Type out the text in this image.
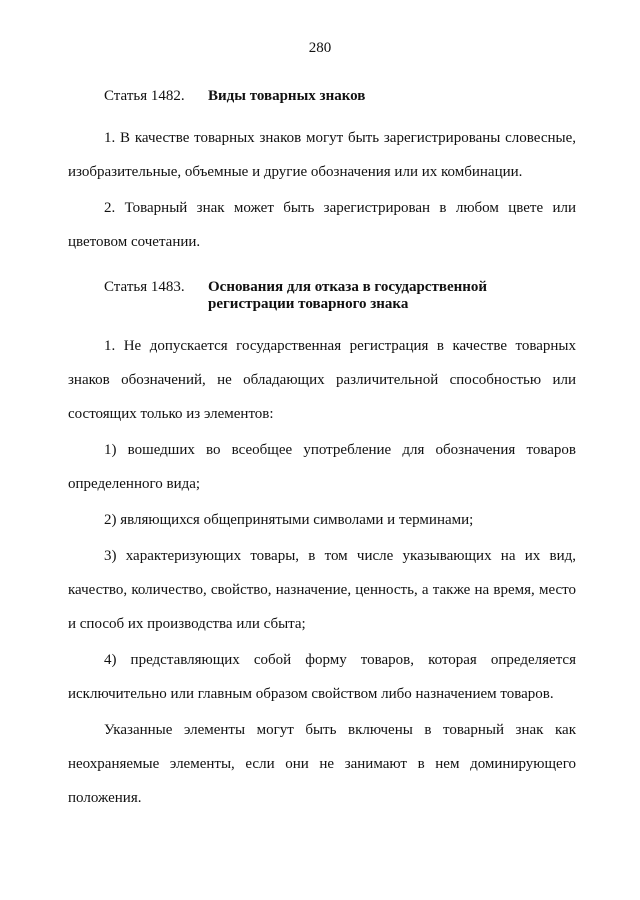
280
Статья 1482.	Виды товарных знаков

1. В качестве товарных знаков могут быть зарегистрированы словесные, изобразительные, объемные и другие обозначения или их комбинации.

2. Товарный знак может быть зарегистрирован в любом цвете или цветовом сочетании.

Статья 1483.	Основания для отказа в государственной
регистрации товарного знака

1. Не допускается государственная регистрация в качестве товарных знаков обозначений, не обладающих различительной способностью или состоящих только из элементов:

1) вошедших во всеобщее употребление для обозначения товаров определенного вида;

2) являющихся общепринятыми символами и терминами;

3) характеризующих товары, в том числе указывающих на их вид, качество, количество, свойство, назначение, ценность, а также на время, место и способ их производства или сбыта;

4) представляющих собой форму товаров, которая определяется исключительно или главным образом свойством либо назначением товаров.

Указанные элементы могут быть включены в товарный знак как неохраняемые элементы, если они не занимают в нем доминирующего положения.
